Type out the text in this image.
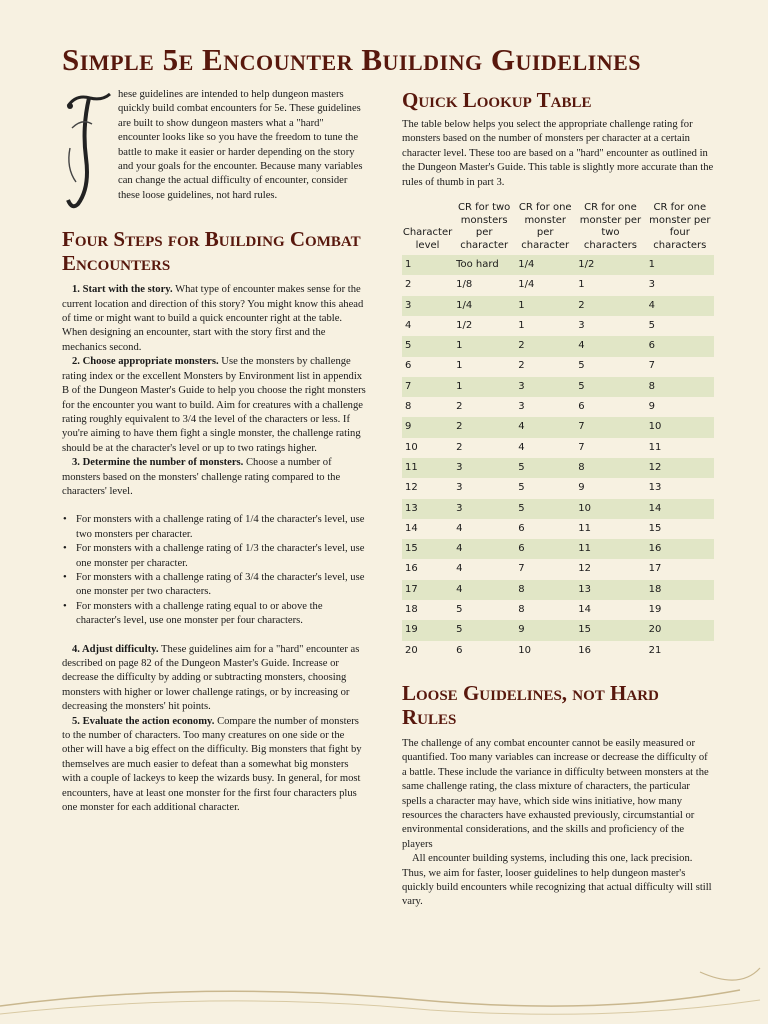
Simple 5e Encounter Building Guidelines

hese guidelines are intended to help dungeon masters quickly build combat encounters for 5e. These guidelines are built to show dungeon masters what a "hard" encounter looks like so you have the freedom to tune the battle to make it easier or harder depending on the story and your goals for the encounter. Because many variables can change the actual difficulty of encounter, consider these loose guidelines, not hard rules.

Four Steps for Building Combat Encounters

1. Start with the story. What type of encounter makes sense for the current location and direction of this story? You might know this ahead of time or might want to build a quick encounter right at the table. When designing an encounter, start with the story first and the mechanics second.

2. Choose appropriate monsters. Use the monsters by challenge rating index or the excellent Monsters by Environment list in appendix B of the Dungeon Master's Guide to help you choose the right monsters for the encounter you want to build. Aim for creatures with a challenge rating roughly equivalent to 3/4 the level of the characters or less. If you're aiming to have them fight a single monster, the challenge rating should be at the character's level or up to two ratings higher.

3. Determine the number of monsters. Choose a number of monsters based on the monsters' challenge rating compared to the characters' level.

• For monsters with a challenge rating of 1/4 the character's level, use two monsters per character.
• For monsters with a challenge rating of 1/3 the character's level, use one monster per character.
• For monsters with a challenge rating of 3/4 the character's level, use one monster per two characters.
• For monsters with a challenge rating equal to or above the character's level, use one monster per four characters.

4. Adjust difficulty. These guidelines aim for a "hard" encounter as described on page 82 of the Dungeon Master's Guide. Increase or decrease the difficulty by adding or subtracting monsters, choosing monsters with higher or lower challenge ratings, or by increasing or decreasing the monsters' hit points.

5. Evaluate the action economy. Compare the number of monsters to the number of characters. Too many creatures on one side or the other will have a big effect on the difficulty. Big monsters that fight by themselves are much easier to defeat than a somewhat big monsters with a couple of lackeys to keep the wizards busy. In general, for most encounters, have at least one monster for the first four characters plus one monster for each additional character.

Quick Lookup Table

The table below helps you select the appropriate challenge rating for monsters based on the number of monsters per character at a certain character level. These too are based on a "hard" encounter as outlined in the Dungeon Master's Guide. This table is slightly more accurate than the rules of thumb in part 3.

Character level	CR for two monsters per character	CR for one monster per character	CR for one monster per two characters	CR for one monster per four characters
1	Too hard	1/4	1/2	1
2	1/8	1/4	1	3
3	1/4	1	2	4
4	1/2	1	3	5
5	1	2	4	6
6	1	2	5	7
7	1	3	5	8
8	2	3	6	9
9	2	4	7	10
10	2	4	7	11
11	3	5	8	12
12	3	5	9	13
13	3	5	10	14
14	4	6	11	15
15	4	6	11	16
16	4	7	12	17
17	4	8	13	18
18	5	8	14	19
19	5	9	15	20
20	6	10	16	21
Loose Guidelines, not Hard Rules

The challenge of any combat encounter cannot be easily measured or quantified. Too many variables can increase or decrease the difficulty of a battle. These include the variance in difficulty between monsters at the same challenge rating, the class mixture of characters, the particular spells a character may have, which side wins initiative, how many resources the characters have exhausted previously, circumstantial or environmental considerations, and the skills and proficiency of the players

All encounter building systems, including this one, lack precision. Thus, we aim for faster, looser guidelines to help dungeon master's quickly build encounters while recognizing that actual difficulty will still vary.
